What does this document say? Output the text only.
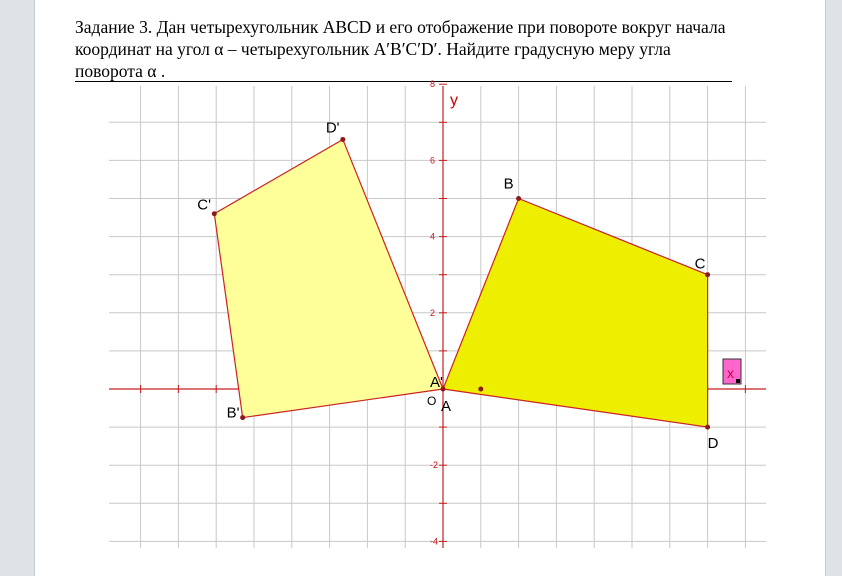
Задание 3. Дан четырехугольник ABCD и его отображение при повороте вокруг начала координат на угол α – четырехугольник A′B′C′D′. Найдите градусную меру угла поворота α .

8
6
4
2
-2
-4
A
B
C
D
A'
B'
C'
D'
y
O
x
